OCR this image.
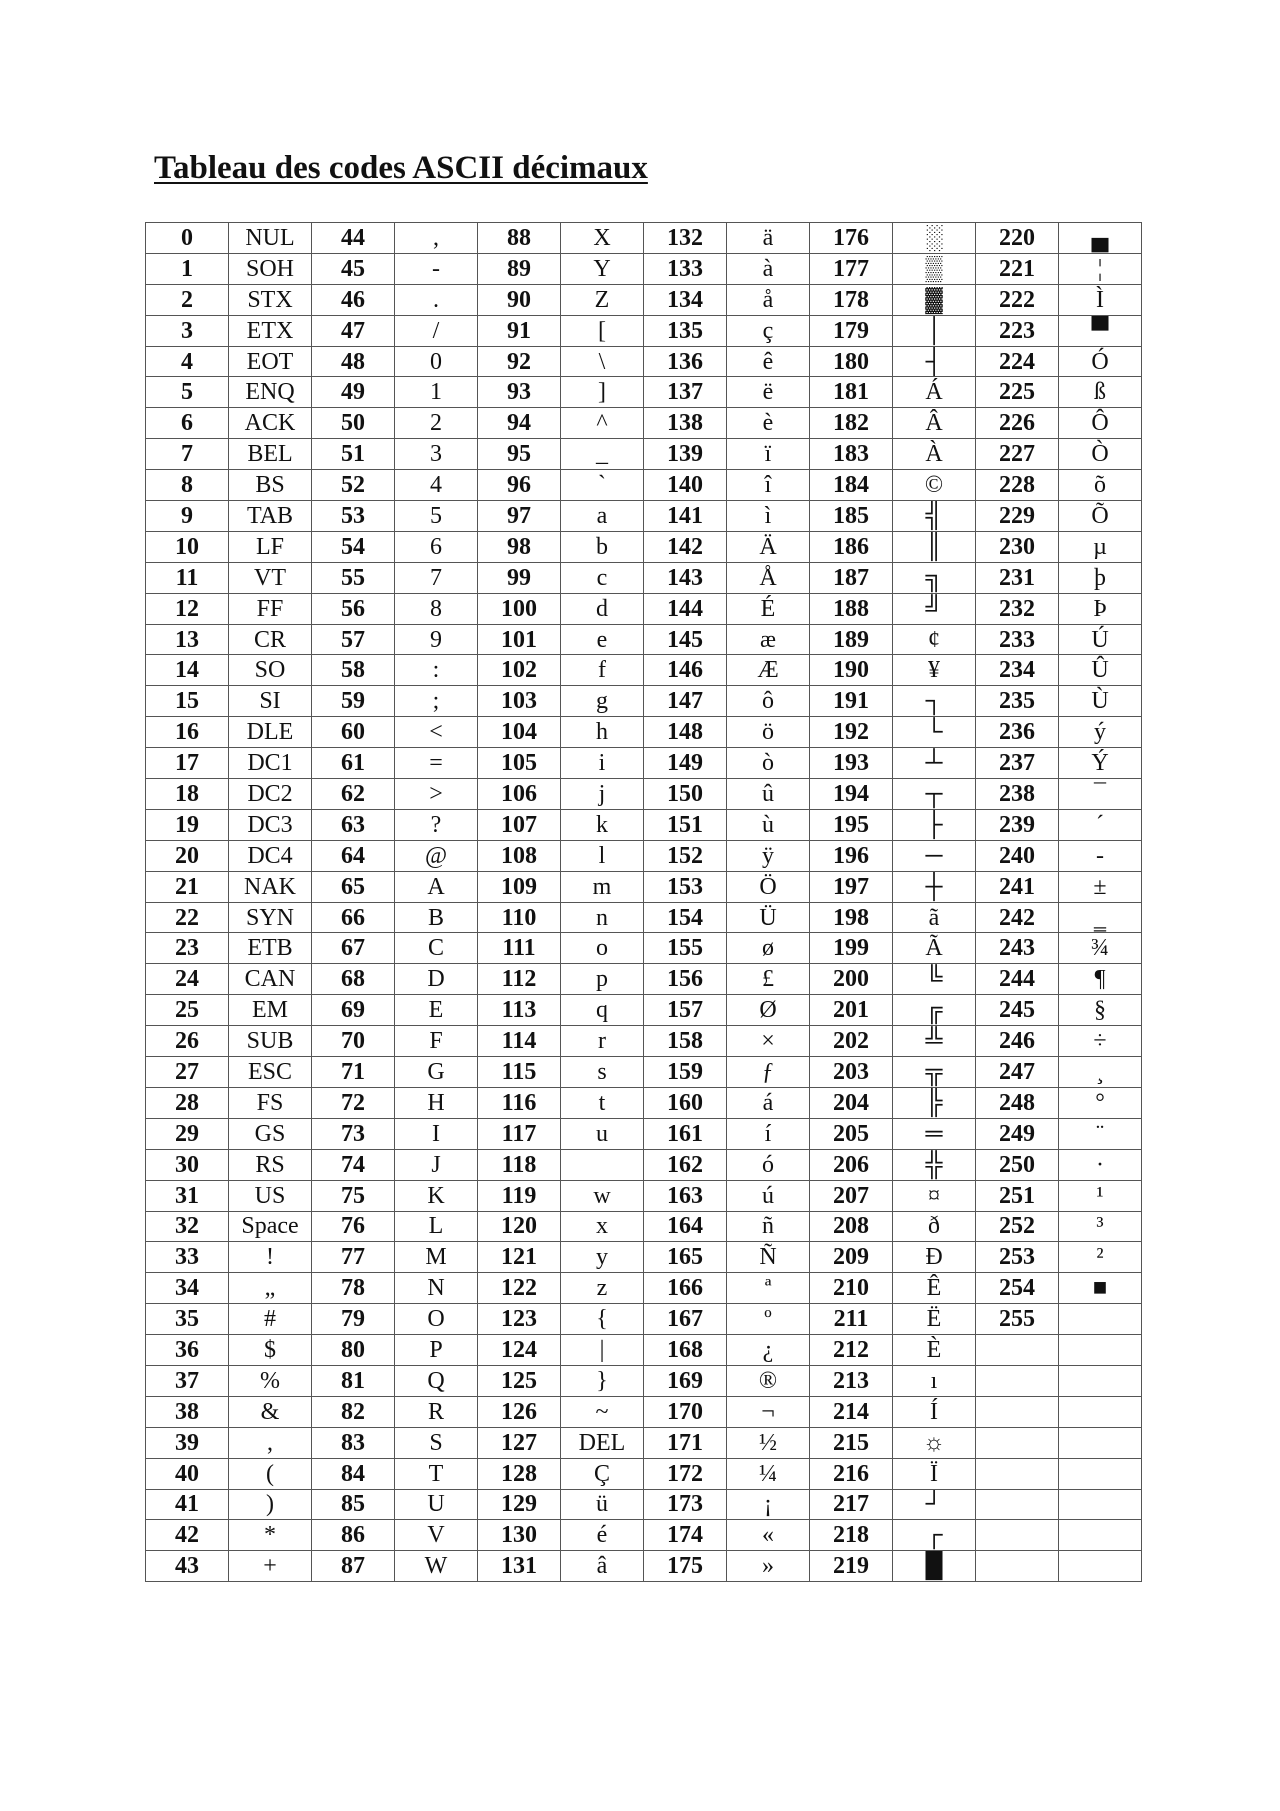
Tableau des codes ASCII décimaux
0	NUL	44	,	88	X	132	ä	176	░	220	▄
1	SOH	45	-	89	Y	133	à	177	▒	221	¦
2	STX	46	.	90	Z	134	å	178	▓	222	Ì
3	ETX	47	/	91	[	135	ç	179	│	223	▀
4	EOT	48	0	92	\	136	ê	180	┤	224	Ó
5	ENQ	49	1	93	]	137	ë	181	Á	225	ß
6	ACK	50	2	94	^	138	è	182	Â	226	Ô
7	BEL	51	3	95	_	139	ï	183	À	227	Ò
8	BS	52	4	96	`	140	î	184	©	228	õ
9	TAB	53	5	97	a	141	ì	185	╣	229	Õ
10	LF	54	6	98	b	142	Ä	186	║	230	µ
11	VT	55	7	99	c	143	Å	187	╗	231	þ
12	FF	56	8	100	d	144	É	188	╝	232	Þ
13	CR	57	9	101	e	145	æ	189	¢	233	Ú
14	SO	58	:	102	f	146	Æ	190	¥	234	Û
15	SI	59	;	103	g	147	ô	191	┐	235	Ù
16	DLE	60	<	104	h	148	ö	192	└	236	ý
17	DC1	61	=	105	i	149	ò	193	┴	237	Ý
18	DC2	62	>	106	j	150	û	194	┬	238	¯
19	DC3	63	?	107	k	151	ù	195	├	239	´
20	DC4	64	@	108	l	152	ÿ	196	─	240	-
21	NAK	65	A	109	m	153	Ö	197	┼	241	±
22	SYN	66	B	110	n	154	Ü	198	ã	242	‗
23	ETB	67	C	111	o	155	ø	199	Ã	243	¾
24	CAN	68	D	112	p	156	£	200	╚	244	¶
25	EM	69	E	113	q	157	Ø	201	╔	245	§
26	SUB	70	F	114	r	158	×	202	╩	246	÷
27	ESC	71	G	115	s	159	ƒ	203	╦	247	¸
28	FS	72	H	116	t	160	á	204	╠	248	°
29	GS	73	I	117	u	161	í	205	═	249	¨
30	RS	74	J	118		162	ó	206	╬	250	·
31	US	75	K	119	w	163	ú	207	¤	251	¹
32	Space	76	L	120	x	164	ñ	208	ð	252	³
33	!	77	M	121	y	165	Ñ	209	Ð	253	²
34	„	78	N	122	z	166	ª	210	Ê	254	■
35	#	79	O	123	{	167	º	211	Ë	255	
36	$	80	P	124	|	168	¿	212	È		
37	%	81	Q	125	}	169	®	213	ı		
38	&	82	R	126	~	170	¬	214	Í		
39	,	83	S	127	DEL	171	½	215	☼		
40	(	84	T	128	Ç	172	¼	216	Ï		
41	)	85	U	129	ü	173	¡	217	┘		
42	*	86	V	130	é	174	«	218	┌		
43	+	87	W	131	â	175	»	219	█		
